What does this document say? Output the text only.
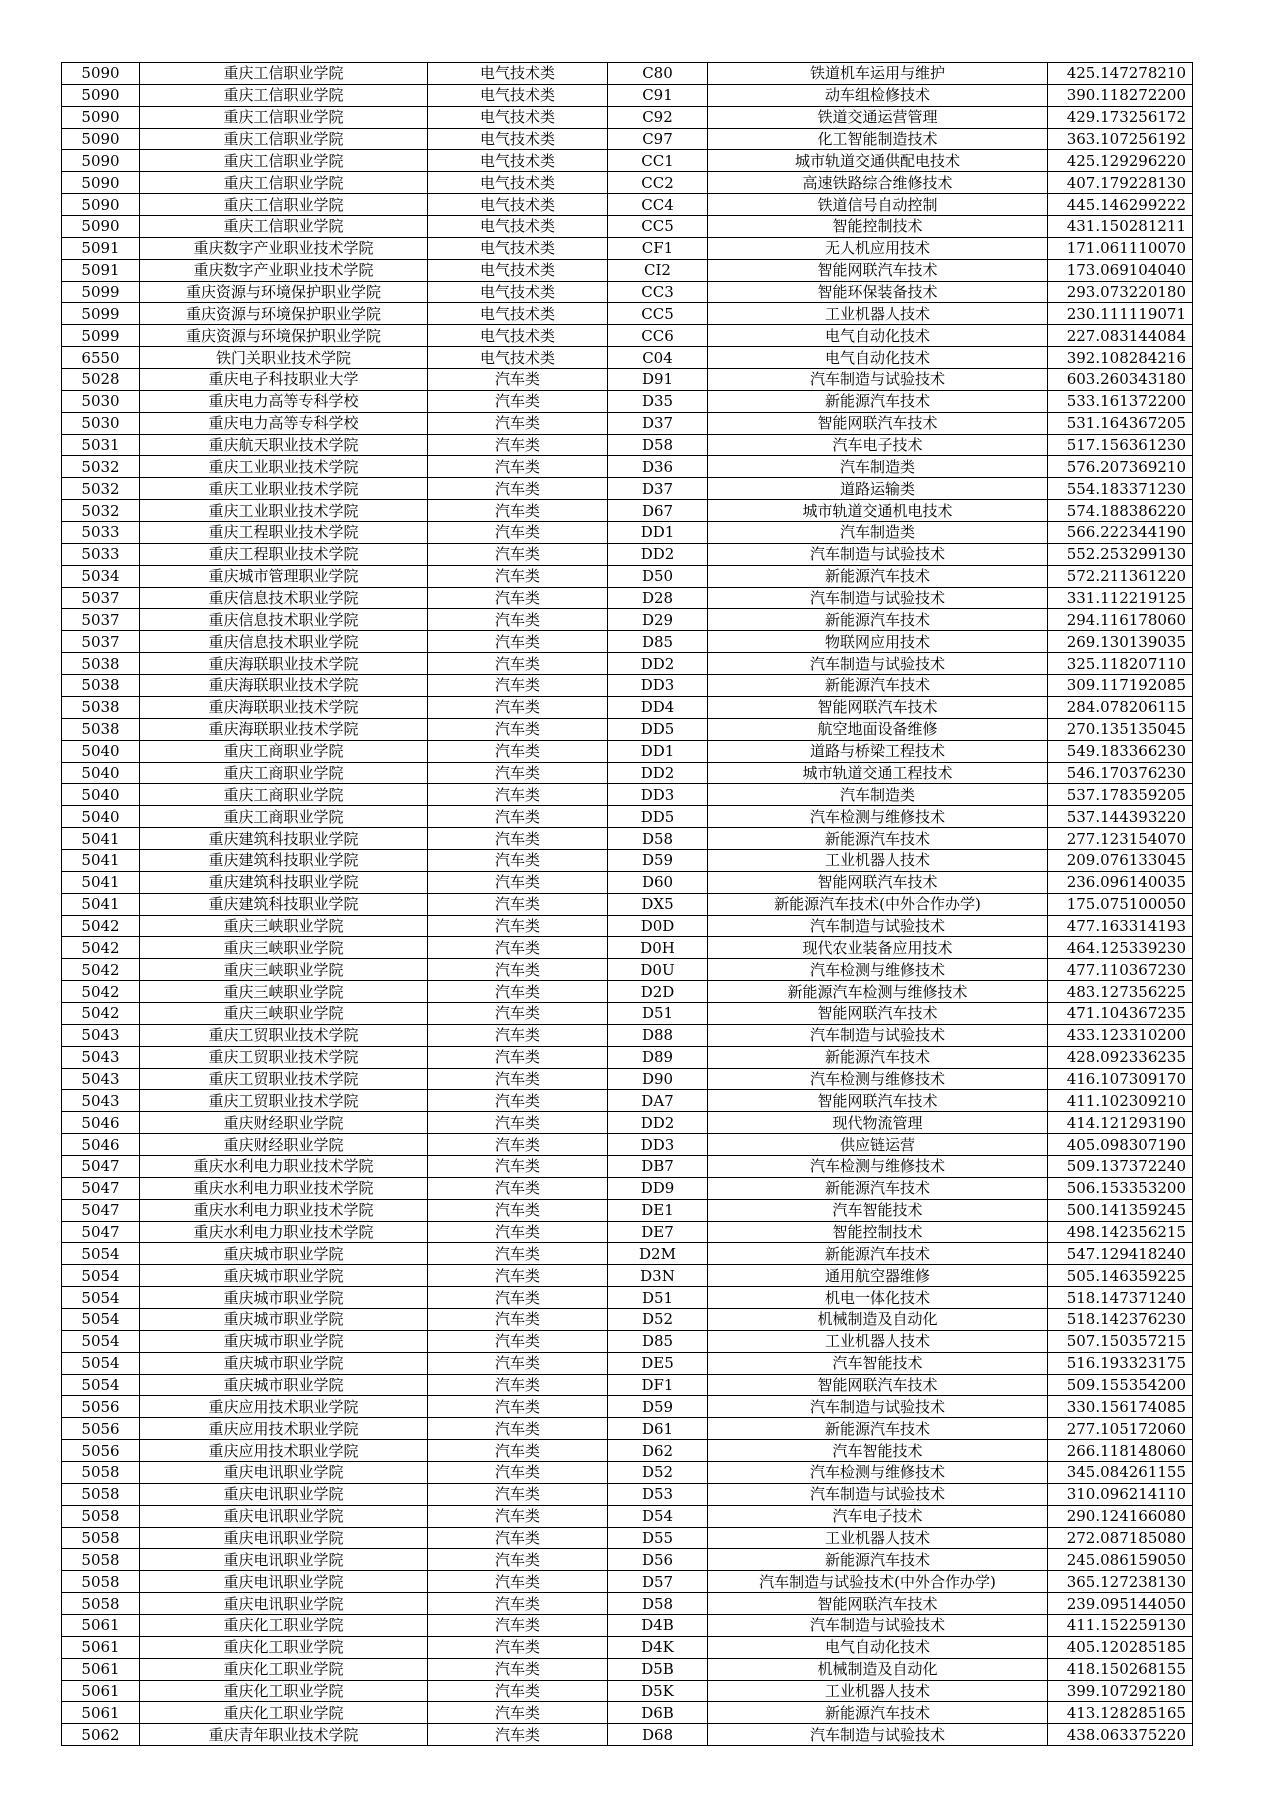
5090	重庆工信职业学院	电气技术类	C80	铁道机车运用与维护	425.147278210
5090	重庆工信职业学院	电气技术类	C91	动车组检修技术	390.118272200
5090	重庆工信职业学院	电气技术类	C92	铁道交通运营管理	429.173256172
5090	重庆工信职业学院	电气技术类	C97	化工智能制造技术	363.107256192
5090	重庆工信职业学院	电气技术类	CC1	城市轨道交通供配电技术	425.129296220
5090	重庆工信职业学院	电气技术类	CC2	高速铁路综合维修技术	407.179228130
5090	重庆工信职业学院	电气技术类	CC4	铁道信号自动控制	445.146299222
5090	重庆工信职业学院	电气技术类	CC5	智能控制技术	431.150281211
5091	重庆数字产业职业技术学院	电气技术类	CF1	无人机应用技术	171.061110070
5091	重庆数字产业职业技术学院	电气技术类	CI2	智能网联汽车技术	173.069104040
5099	重庆资源与环境保护职业学院	电气技术类	CC3	智能环保装备技术	293.073220180
5099	重庆资源与环境保护职业学院	电气技术类	CC5	工业机器人技术	230.111119071
5099	重庆资源与环境保护职业学院	电气技术类	CC6	电气自动化技术	227.083144084
6550	铁门关职业技术学院	电气技术类	C04	电气自动化技术	392.108284216
5028	重庆电子科技职业大学	汽车类	D91	汽车制造与试验技术	603.260343180
5030	重庆电力高等专科学校	汽车类	D35	新能源汽车技术	533.161372200
5030	重庆电力高等专科学校	汽车类	D37	智能网联汽车技术	531.164367205
5031	重庆航天职业技术学院	汽车类	D58	汽车电子技术	517.156361230
5032	重庆工业职业技术学院	汽车类	D36	汽车制造类	576.207369210
5032	重庆工业职业技术学院	汽车类	D37	道路运输类	554.183371230
5032	重庆工业职业技术学院	汽车类	D67	城市轨道交通机电技术	574.188386220
5033	重庆工程职业技术学院	汽车类	DD1	汽车制造类	566.222344190
5033	重庆工程职业技术学院	汽车类	DD2	汽车制造与试验技术	552.253299130
5034	重庆城市管理职业学院	汽车类	D50	新能源汽车技术	572.211361220
5037	重庆信息技术职业学院	汽车类	D28	汽车制造与试验技术	331.112219125
5037	重庆信息技术职业学院	汽车类	D29	新能源汽车技术	294.116178060
5037	重庆信息技术职业学院	汽车类	D85	物联网应用技术	269.130139035
5038	重庆海联职业技术学院	汽车类	DD2	汽车制造与试验技术	325.118207110
5038	重庆海联职业技术学院	汽车类	DD3	新能源汽车技术	309.117192085
5038	重庆海联职业技术学院	汽车类	DD4	智能网联汽车技术	284.078206115
5038	重庆海联职业技术学院	汽车类	DD5	航空地面设备维修	270.135135045
5040	重庆工商职业学院	汽车类	DD1	道路与桥梁工程技术	549.183366230
5040	重庆工商职业学院	汽车类	DD2	城市轨道交通工程技术	546.170376230
5040	重庆工商职业学院	汽车类	DD3	汽车制造类	537.178359205
5040	重庆工商职业学院	汽车类	DD5	汽车检测与维修技术	537.144393220
5041	重庆建筑科技职业学院	汽车类	D58	新能源汽车技术	277.123154070
5041	重庆建筑科技职业学院	汽车类	D59	工业机器人技术	209.076133045
5041	重庆建筑科技职业学院	汽车类	D60	智能网联汽车技术	236.096140035
5041	重庆建筑科技职业学院	汽车类	DX5	新能源汽车技术(中外合作办学)	175.075100050
5042	重庆三峡职业学院	汽车类	D0D	汽车制造与试验技术	477.163314193
5042	重庆三峡职业学院	汽车类	D0H	现代农业装备应用技术	464.125339230
5042	重庆三峡职业学院	汽车类	D0U	汽车检测与维修技术	477.110367230
5042	重庆三峡职业学院	汽车类	D2D	新能源汽车检测与维修技术	483.127356225
5042	重庆三峡职业学院	汽车类	D51	智能网联汽车技术	471.104367235
5043	重庆工贸职业技术学院	汽车类	D88	汽车制造与试验技术	433.123310200
5043	重庆工贸职业技术学院	汽车类	D89	新能源汽车技术	428.092336235
5043	重庆工贸职业技术学院	汽车类	D90	汽车检测与维修技术	416.107309170
5043	重庆工贸职业技术学院	汽车类	DA7	智能网联汽车技术	411.102309210
5046	重庆财经职业学院	汽车类	DD2	现代物流管理	414.121293190
5046	重庆财经职业学院	汽车类	DD3	供应链运营	405.098307190
5047	重庆水利电力职业技术学院	汽车类	DB7	汽车检测与维修技术	509.137372240
5047	重庆水利电力职业技术学院	汽车类	DD9	新能源汽车技术	506.153353200
5047	重庆水利电力职业技术学院	汽车类	DE1	汽车智能技术	500.141359245
5047	重庆水利电力职业技术学院	汽车类	DE7	智能控制技术	498.142356215
5054	重庆城市职业学院	汽车类	D2M	新能源汽车技术	547.129418240
5054	重庆城市职业学院	汽车类	D3N	通用航空器维修	505.146359225
5054	重庆城市职业学院	汽车类	D51	机电一体化技术	518.147371240
5054	重庆城市职业学院	汽车类	D52	机械制造及自动化	518.142376230
5054	重庆城市职业学院	汽车类	D85	工业机器人技术	507.150357215
5054	重庆城市职业学院	汽车类	DE5	汽车智能技术	516.193323175
5054	重庆城市职业学院	汽车类	DF1	智能网联汽车技术	509.155354200
5056	重庆应用技术职业学院	汽车类	D59	汽车制造与试验技术	330.156174085
5056	重庆应用技术职业学院	汽车类	D61	新能源汽车技术	277.105172060
5056	重庆应用技术职业学院	汽车类	D62	汽车智能技术	266.118148060
5058	重庆电讯职业学院	汽车类	D52	汽车检测与维修技术	345.084261155
5058	重庆电讯职业学院	汽车类	D53	汽车制造与试验技术	310.096214110
5058	重庆电讯职业学院	汽车类	D54	汽车电子技术	290.124166080
5058	重庆电讯职业学院	汽车类	D55	工业机器人技术	272.087185080
5058	重庆电讯职业学院	汽车类	D56	新能源汽车技术	245.086159050
5058	重庆电讯职业学院	汽车类	D57	汽车制造与试验技术(中外合作办学)	365.127238130
5058	重庆电讯职业学院	汽车类	D58	智能网联汽车技术	239.095144050
5061	重庆化工职业学院	汽车类	D4B	汽车制造与试验技术	411.152259130
5061	重庆化工职业学院	汽车类	D4K	电气自动化技术	405.120285185
5061	重庆化工职业学院	汽车类	D5B	机械制造及自动化	418.150268155
5061	重庆化工职业学院	汽车类	D5K	工业机器人技术	399.107292180
5061	重庆化工职业学院	汽车类	D6B	新能源汽车技术	413.128285165
5062	重庆青年职业技术学院	汽车类	D68	汽车制造与试验技术	438.063375220
